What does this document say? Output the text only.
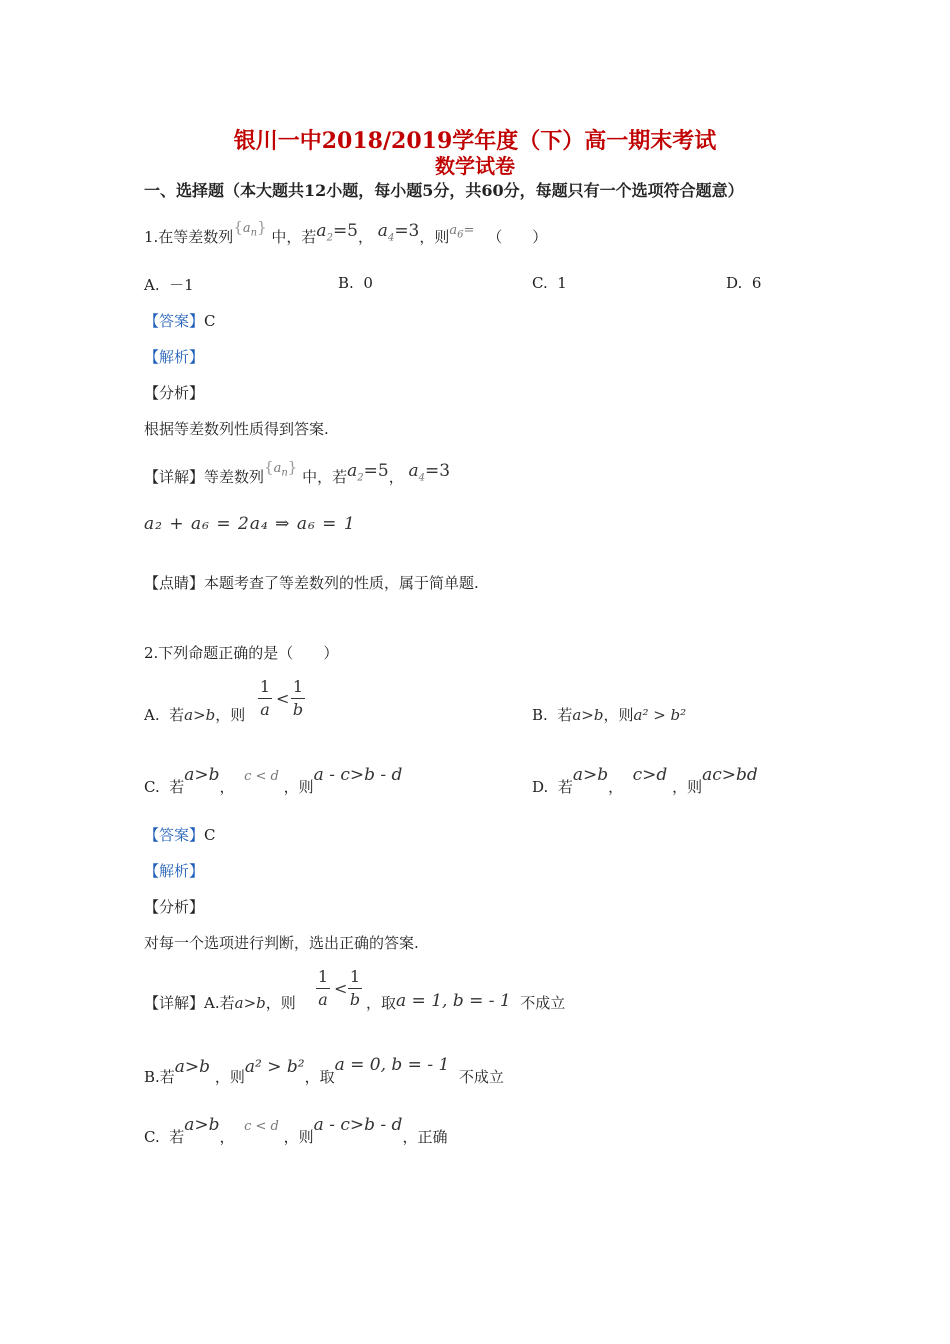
银川一中2018/2019学年度（下）高一期末考试
数学试卷
一、选择题（本大题共12小题，每小题5分，共60分，每题只有一个选项符合题意）
1.在等差数列$\{a_n\}$ 中，若$a_2=5$， $a_4=3$，则$a_6=$ （　　）
A. －1	B. 0	C. 1	D. 6
【答案】C
【解析】
【分析】
根据等差数列性质得到答案.
【详解】等差数列$\{a_n\}$ 中，若$a_2=5$， $a_4=3$
a₂ + a₆ = 2a₄ ⇒ a₆ = 1
【点睛】本题考查了等差数列的性质，属于简单题.
2.下列命题正确的是（　　）
A. 若a>b，则
1
a
<
1
b	B. 若a>b，则a² > b²
C. 若a>b，  c < d ，则a - c>b - d
D. 若a>b，  c>d ，则ac>bd
【答案】C
【解析】
【分析】
对每一个选项进行判断，选出正确的答案.
【详解】A.若a>b，则
1
a
<
1
b ，取a = 1, b = - 1 不成立
B.若a>b ，则a² > b²，取a = 0, b = - 1  不成立
C. 若a>b，  c < d ，则a - c>b - d，正确
